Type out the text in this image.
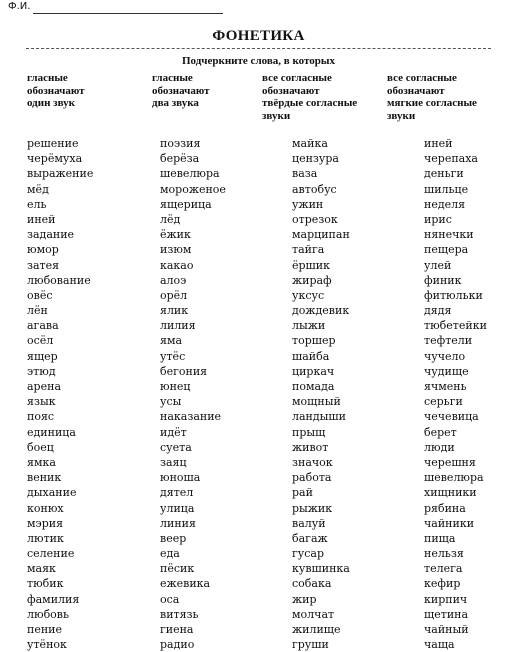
Ф.И.
ФОНЕТИКА
Подчеркните слова, в которых
гласные
обозначают
один звук
гласные
обозначают
два звука
все согласные
обозначают
твёрдые согласные
звуки
все согласные
обозначают
мягкие согласные
звуки
решение
черёмуха
выражение
мёд
ель
иней
задание
юмор
затея
любование
овёс
лён
агава
осёл
ящер
этюд
арена
язык
пояс
единица
боец
ямка
веник
дыхание
конюх
мэрия
лютик
селение
маяк
тюбик
фамилия
любовь
пение
утёнок
поэзия
берёза
шевелюра
мороженое
ящерица
лёд
ёжик
изюм
какао
алоэ
орёл
ялик
лилия
яма
утёс
бегония
юнец
усы
наказание
идёт
суета
заяц
юноша
дятел
улица
линия
веер
еда
пёсик
ежевика
оса
витязь
гиена
радио
майка
цензура
ваза
автобус
ужин
отрезок
марципан
тайга
ёршик
жираф
уксус
дождевик
лыжи
торшер
шайба
циркач
помада
мощный
ландыши
прыщ
живот
значок
работа
рай
рыжик
валуй
багаж
гусар
кувшинка
собака
жир
молчат
жилище
груши
иней
черепаха
деньги
шильце
неделя
ирис
нянечки
пещера
улей
финик
фитюльки
дядя
тюбетейки
тефтели
чучело
чудище
ячмень
серьги
чечевица
берет
люди
черешня
шевелюра
хищники
рябина
чайники
пища
нельзя
телега
кефир
кирпич
щетина
чайный
чаща
